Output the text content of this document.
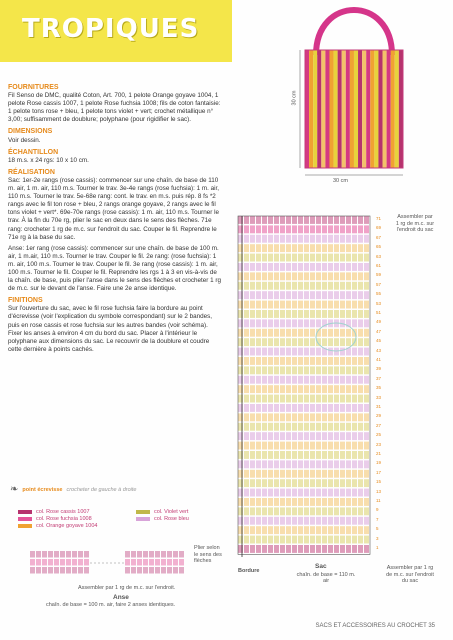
TROPIQUES
30 cm
30 cm
FOURNITURES

Fil Senso de DMC, qualité Coton, Art. 700, 1 pelote Orange goyave 1004, 1 pelote Rose cassis 1007, 1 pelote Rose fuchsia 1008; fils de coton fantaisie: 1 pelote tons rose + bleu, 1 pelote tons violet + vert; crochet métallique n° 3,00; suffisamment de doublure; polyphane (pour rigidifier le sac).

DIMENSIONS

Voir dessin.

ÉCHANTILLON

18 m.s. x 24 rgs: 10 x 10 cm.

RÉALISATION

Sac: 1er-2e rangs (rose cassis): commencer sur une chaîn. de base de 110 m. air, 1 m. air, 110 m.s. Tourner le trav. 3e-4e rangs (rose fuchsia): 1 m. air, 110 m.s. Tourner le trav. 5e-68e rang: cont. le trav. en m.s. puis rép. 8 fs *2 rangs avec le fil ton rose + bleu, 2 rangs orange goyave, 2 rangs avec le fil tons violet + vert*. 69e-70e rangs (rose cassis): 1 m. air, 110 m.s. Tourner le trav. À la fin du 70e rg, plier le sac en deux dans le sens des flèches. 71e rang: crocheter 1 rg de m.c. sur l'endroit du sac. Couper le fil. Reprendre le 71e rg à la base du sac.

Anse: 1er rang (rose cassis): commencer sur une chaîn. de base de 100 m. air, 1 m.air, 110 m.s. Tourner le trav. Couper le fil. 2e rang: (rose fuchsia): 1 m. air, 100 m.s. Tourner le trav. Couper le fil. 3e rang (rose cassis): 1 m. air, 100 m.s. Tourner le fil. Couper le fil. Reprendre les rgs 1 à 3 en vis-à-vis de la chaîn. de base, puis plier l'anse dans le sens des flèches et crocheter 1 rg de m.c. sur le devant de l'anse. Faire une 2e anse identique.

FINITIONS

Sur l'ouverture du sac, avec le fil rose fuchsia faire la bordure au point d'écrevisse (voir l'explication du symbole correspondant) sur le 2 bandes, puis en rose cassis et rose fuchsia sur les autres bandes (voir schéma). Fixer les anses à environ 4 cm du bord du sac. Placer à l'intérieur le polyphane aux dimensions du sac. Le recouvrir de la doublure et coudre cette dernière à points cachés.

❧ point écrevisse crocheter de gauche à droite
col. Rose cassis 1007
col. Rose fuchsia 1008
col. Orange goyave 1004
col. Violet vert
col. Rose bleu
Plier selon le sens des flèches
Assembler par 1 rg de m.c. sur l'endroit.
Anse
chaîn. de base = 100 m. air, faire 2 anses identiques.
71
69
67
65
63
61
59
57
55
53
51
49
47
45
43
41
39
37
35
33
31
29
27
25
23
21
19
17
15
13
11
9
7
5
3
1
Assembler par 1 rg de m.c. sur l'endroit du sac
Assembler par 1 rg de m.c. sur l'endroit du sac
Bordure
Sac
chaîn. de base = 110 m. air
SACS ET ACCESSOIRES AU CROCHET 35
